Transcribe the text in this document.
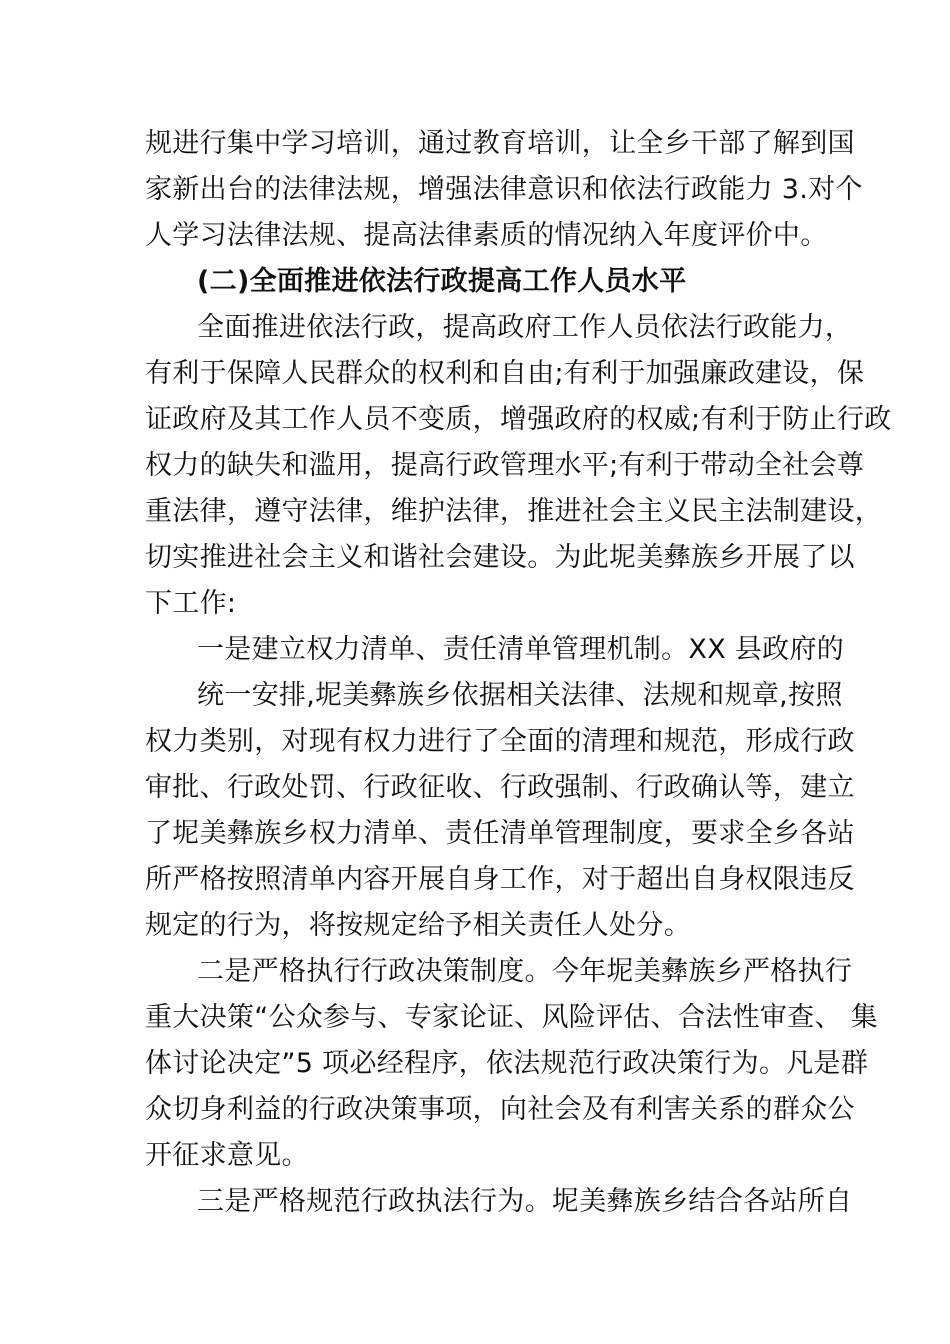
规进行集中学习培训，通过教育培训，让全乡干部了解到国

家新出台的法律法规，增强法律意识和依法行政能力 3.对个

人学习法律法规、提高法律素质的情况纳入年度评价中。

(二)全面推进依法行政提高工作人员水平

全面推进依法行政，提高政府工作人员依法行政能力，

有利于保障人民群众的权利和自由;有利于加强廉政建设，保

证政府及其工作人员不变质，增强政府的权威;有利于防止行政

权力的缺失和滥用，提高行政管理水平;有利于带动全社会尊

重法律，遵守法律，维护法律，推进社会主义民主法制建设，

切实推进社会主义和谐社会建设。为此坭美彝族乡开展了以

下工作:

一是建立权力清单、责任清单管理机制。XX 县政府的

统一安排,坭美彝族乡依据相关法律、法规和规章,按照

权力类别，对现有权力进行了全面的清理和规范，形成行政

审批、行政处罚、行政征收、行政强制、行政确认等，建立

了坭美彝族乡权力清单、责任清单管理制度，要求全乡各站

所严格按照清单内容开展自身工作，对于超出自身权限违反

规定的行为，将按规定给予相关责任人处分。

二是严格执行行政决策制度。今年坭美彝族乡严格执行

重大决策“公众参与、专家论证、风险评估、合法性审查、 集

体讨论决定”5 项必经程序，依法规范行政决策行为。凡是群

众切身利益的行政决策事项，向社会及有利害关系的群众公

开征求意见。

三是严格规范行政执法行为。坭美彝族乡结合各站所自
